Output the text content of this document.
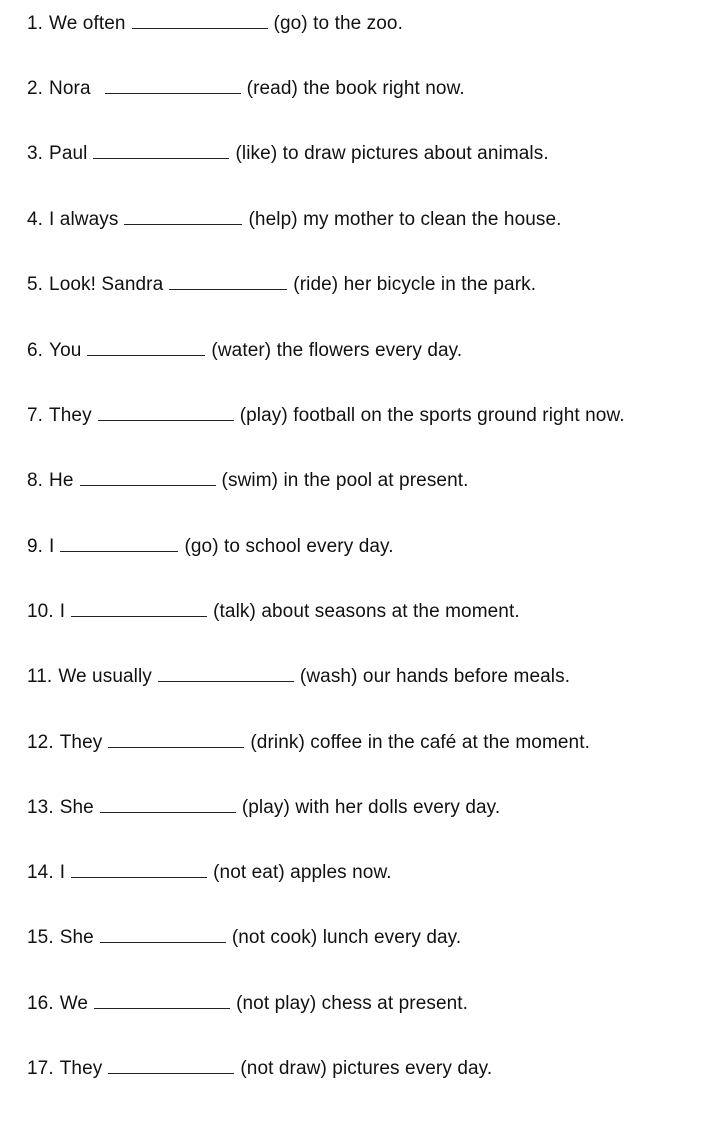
1. We often	(go) to the zoo.
2. Nora	(read) the book right now.
3. Paul	(like) to draw pictures about animals.
4. I always	(help) my mother to clean the house.
5. Look! Sandra	(ride) her bicycle in the park.
6. You	(water) the flowers every day.
7. They	(play) football on the sports ground right now.
8. He	(swim) in the pool at present.
9. I	(go) to school every day.
10. I	(talk) about seasons at the moment.
11. We usually	(wash) our hands before meals.
12. They	(drink) coffee in the café at the moment.
13. She	(play) with her dolls every day.
14. I	(not eat) apples now.
15. She	(not cook) lunch every day.
16. We	(not play) chess at present.
17. They	(not draw) pictures every day.
